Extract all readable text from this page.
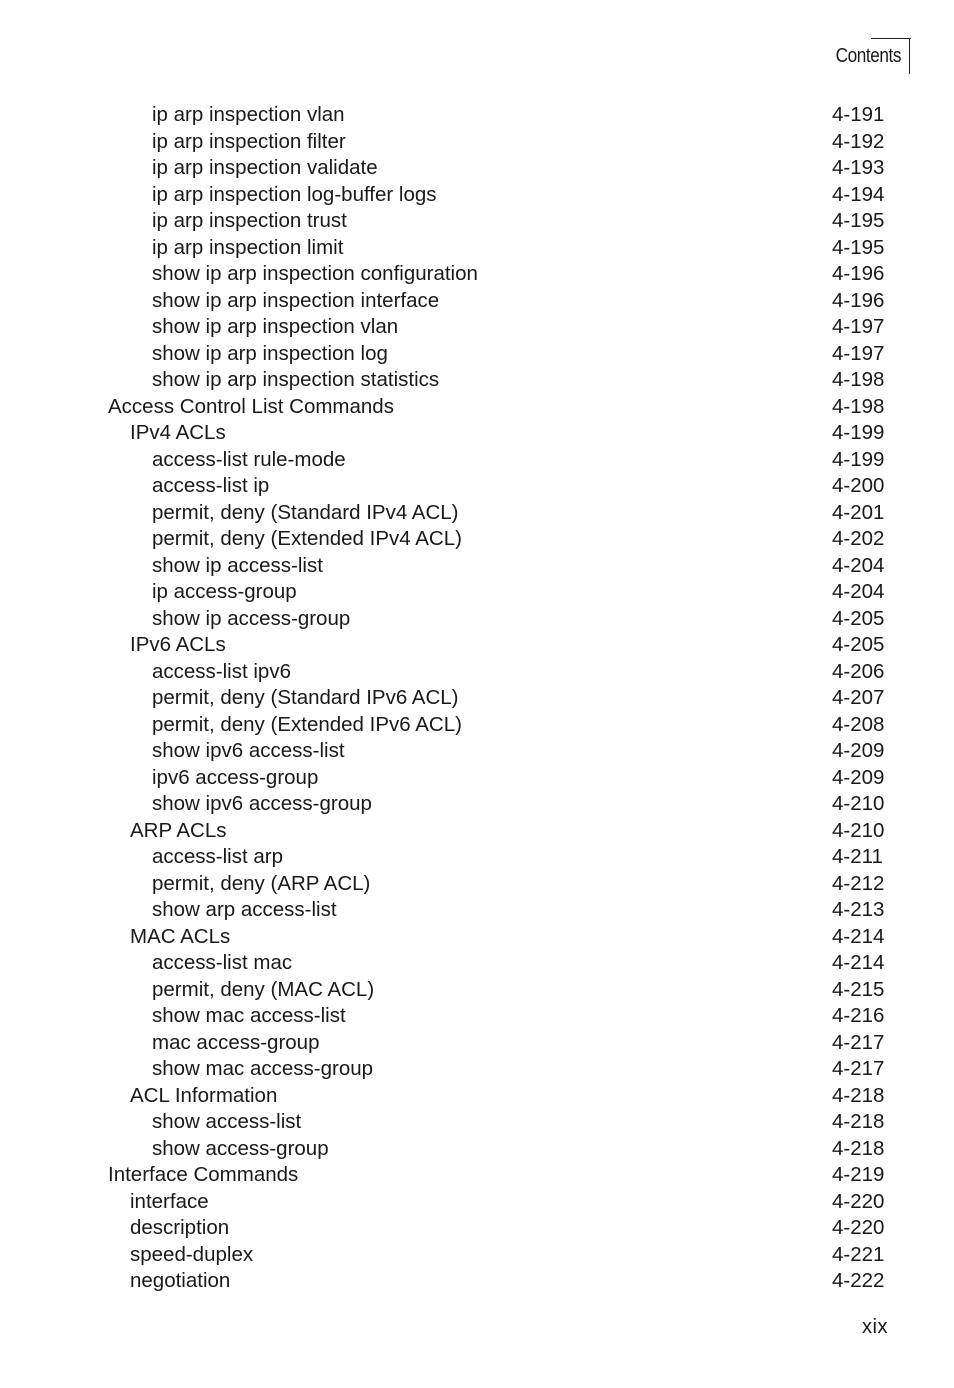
Contents
ip arp inspection vlan	4-191
ip arp inspection filter	4-192
ip arp inspection validate	4-193
ip arp inspection log-buffer logs	4-194
ip arp inspection trust	4-195
ip arp inspection limit	4-195
show ip arp inspection configuration	4-196
show ip arp inspection interface	4-196
show ip arp inspection vlan	4-197
show ip arp inspection log	4-197
show ip arp inspection statistics	4-198
Access Control List Commands	4-198
IPv4 ACLs	4-199
access-list rule-mode	4-199
access-list ip	4-200
permit, deny (Standard IPv4 ACL)	4-201
permit, deny (Extended IPv4 ACL)	4-202
show ip access-list	4-204
ip access-group	4-204
show ip access-group	4-205
IPv6 ACLs	4-205
access-list ipv6	4-206
permit, deny (Standard IPv6 ACL)	4-207
permit, deny (Extended IPv6 ACL)	4-208
show ipv6 access-list	4-209
ipv6 access-group	4-209
show ipv6 access-group	4-210
ARP ACLs	4-210
access-list arp	4-211
permit, deny (ARP ACL)	4-212
show arp access-list	4-213
MAC ACLs	4-214
access-list mac	4-214
permit, deny (MAC ACL)	4-215
show mac access-list	4-216
mac access-group	4-217
show mac access-group	4-217
ACL Information	4-218
show access-list	4-218
show access-group	4-218
Interface Commands	4-219
interface	4-220
description	4-220
speed-duplex	4-221
negotiation	4-222
xix
